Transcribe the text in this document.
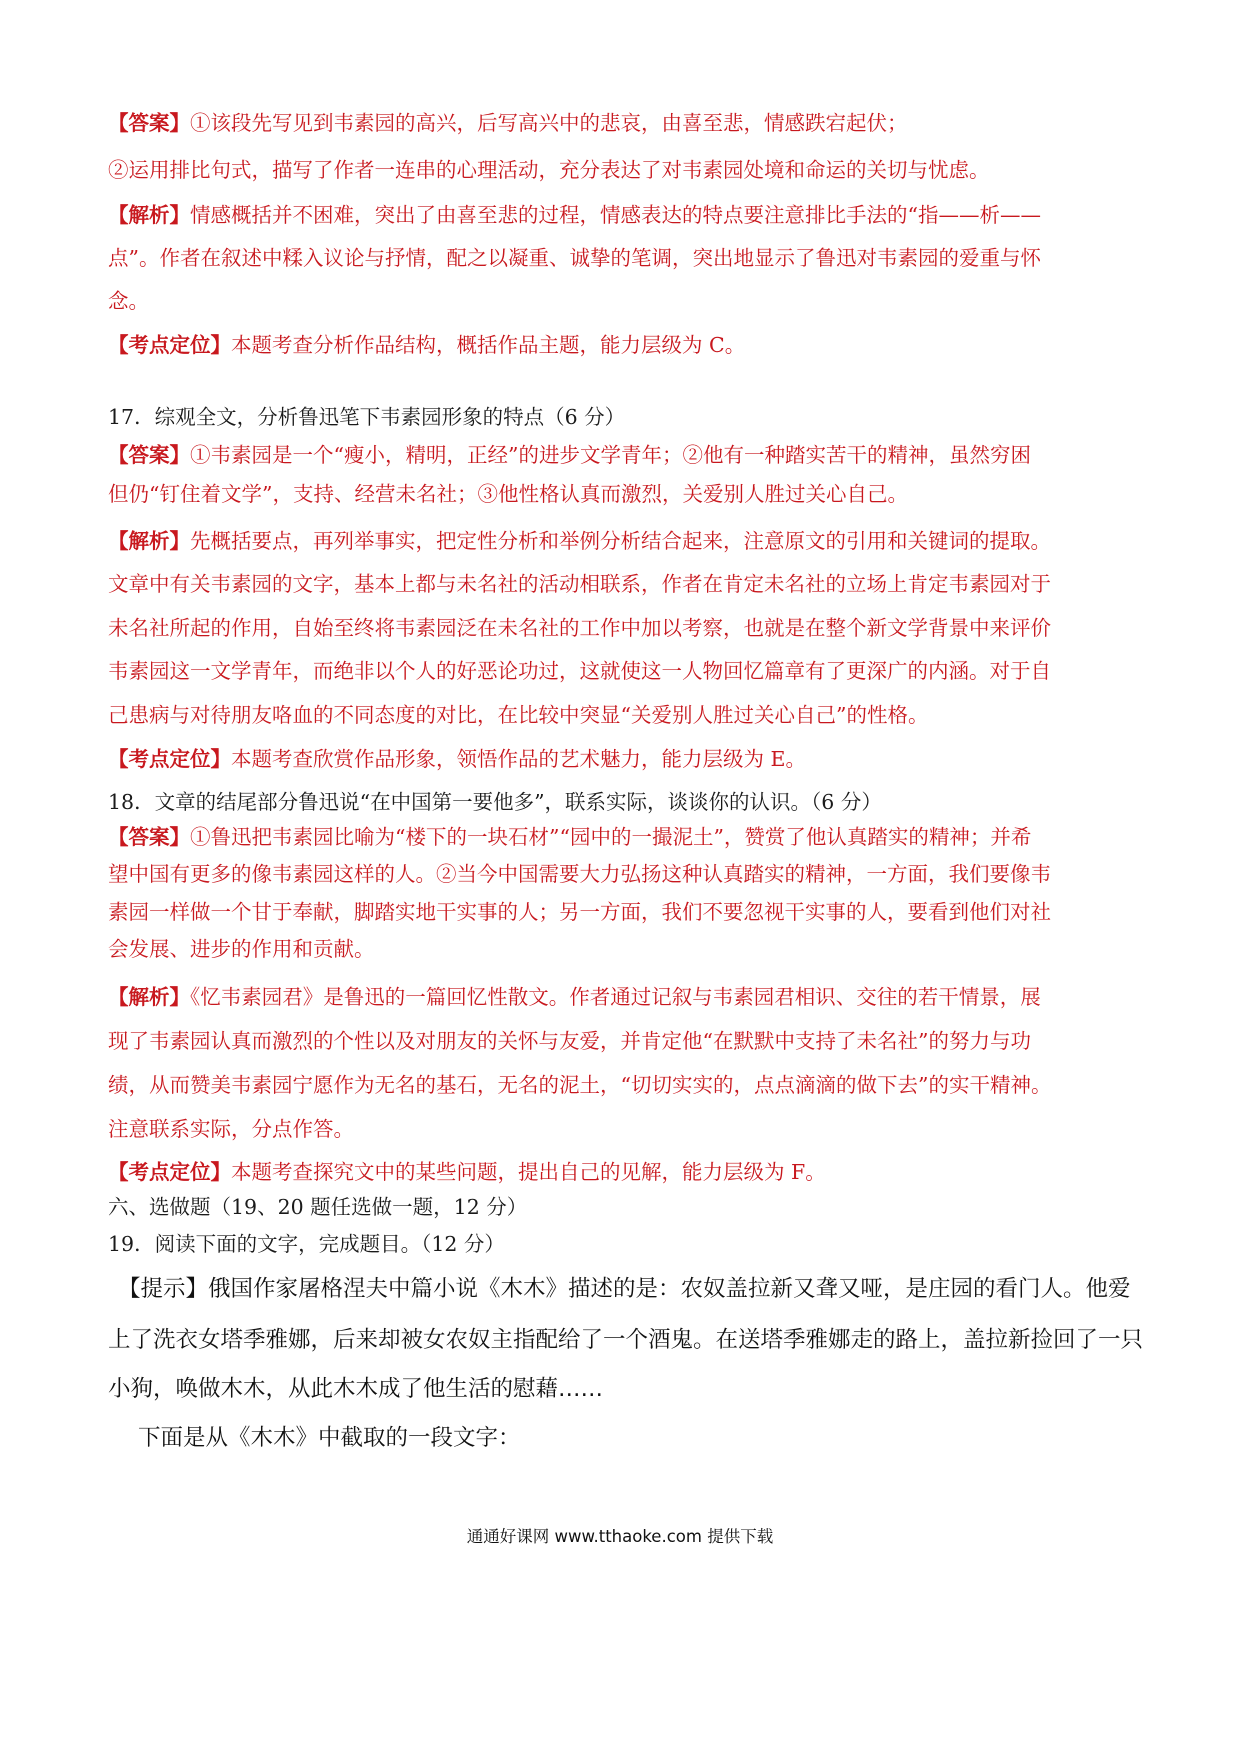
【答案】①该段先写见到韦素园的高兴，后写高兴中的悲哀，由喜至悲，情感跌宕起伏；
②运用排比句式，描写了作者一连串的心理活动，充分表达了对韦素园处境和命运的关切与忧虑。
【解析】情感概括并不困难，突出了由喜至悲的过程，情感表达的特点要注意排比手法的“指——析——
点”。作者在叙述中糅入议论与抒情，配之以凝重、诚挚的笔调，突出地显示了鲁迅对韦素园的爱重与怀
念。
【考点定位】本题考查分析作品结构，概括作品主题，能力层级为 C。
17．综观全文，分析鲁迅笔下韦素园形象的特点（6 分）
【答案】①韦素园是一个“瘦小，精明，正经”的进步文学青年；②他有一种踏实苦干的精神，虽然穷困
但仍“钉住着文学”，支持、经营未名社；③他性格认真而激烈，关爱别人胜过关心自己。
【解析】先概括要点，再列举事实，把定性分析和举例分析结合起来，注意原文的引用和关键词的提取。
文章中有关韦素园的文字，基本上都与未名社的活动相联系，作者在肯定未名社的立场上肯定韦素园对于
未名社所起的作用，自始至终将韦素园泛在未名社的工作中加以考察，也就是在整个新文学背景中来评价
韦素园这一文学青年，而绝非以个人的好恶论功过，这就使这一人物回忆篇章有了更深广的内涵。对于自
己患病与对待朋友咯血的不同态度的对比，在比较中突显“关爱别人胜过关心自己”的性格。
【考点定位】本题考查欣赏作品形象，领悟作品的艺术魅力，能力层级为 E。
18．文章的结尾部分鲁迅说“在中国第一要他多”，联系实际，谈谈你的认识。（6 分）
【答案】①鲁迅把韦素园比喻为“楼下的一块石材”“园中的一撮泥土”，赞赏了他认真踏实的精神；并希
望中国有更多的像韦素园这样的人。②当今中国需要大力弘扬这种认真踏实的精神，一方面，我们要像韦
素园一样做一个甘于奉献，脚踏实地干实事的人；另一方面，我们不要忽视干实事的人，要看到他们对社
会发展、进步的作用和贡献。
【解析】《忆韦素园君》是鲁迅的一篇回忆性散文。作者通过记叙与韦素园君相识、交往的若干情景，展
现了韦素园认真而激烈的个性以及对朋友的关怀与友爱，并肯定他“在默默中支持了未名社”的努力与功
绩，从而赞美韦素园宁愿作为无名的基石，无名的泥土，“切切实实的，点点滴滴的做下去”的实干精神。
注意联系实际，分点作答。
【考点定位】本题考查探究文中的某些问题，提出自己的见解，能力层级为 F。
六、选做题（19、20 题任选做一题，12 分）
19．阅读下面的文字，完成题目。（12 分）
【提示】俄国作家屠格涅夫中篇小说《木木》描述的是：农奴盖拉新又聋又哑，是庄园的看门人。他爱
上了洗衣女塔季雅娜，后来却被女农奴主指配给了一个酒鬼。在送塔季雅娜走的路上，盖拉新捡回了一只
小狗，唤做木木，从此木木成了他生活的慰藉……
下面是从《木木》中截取的一段文字：
通通好课网 www.tthaoke.com 提供下载
